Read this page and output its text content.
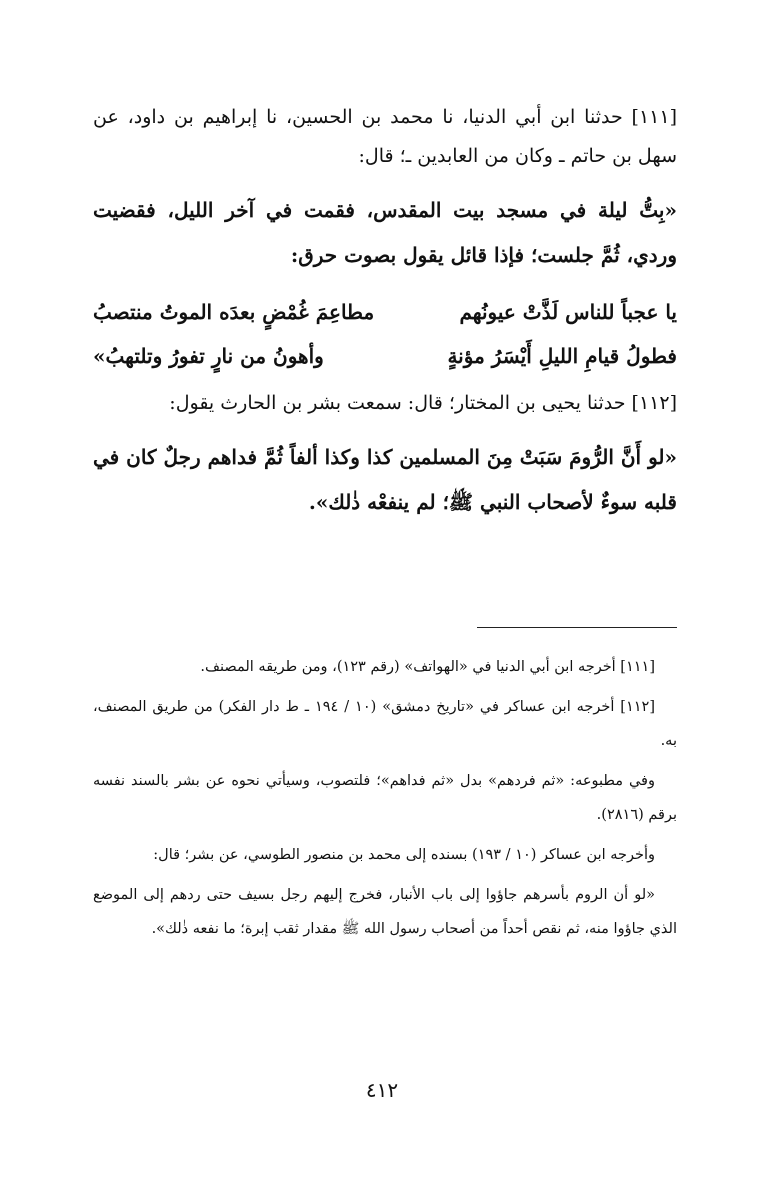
[١١١] حدثنا ابن أبي الدنيا، نا محمد بن الحسين، نا إبراهيم بن داود، عن سهل بن حاتم ـ وكان من العابدين ـ؛ قال:

«بِتُّ ليلة في مسجد بيت المقدس، فقمت في آخر الليل، فقضيت وردي، ثُمَّ جلست؛ فإذا قائل يقول بصوت حرق:

يا عجباً للناس لَذَّتْ عيونُهم
مطاعِمَ غُمْضٍ بعدَه الموتُ منتصبُ
فطولُ قيامِ الليلِ أَيْسَرُ مؤنةٍ
وأهونُ من نارٍ تفورُ وتلتهبُ»

[١١٢] حدثنا يحيى بن المختار؛ قال: سمعت بشر بن الحارث يقول:

«لو أَنَّ الرُّومَ سَبَتْ مِنَ المسلمين كذا وكذا ألفاً ثُمَّ فداهم رجلٌ كان في قلبه سوءٌ لأصحاب النبي ﷺ؛ لم ينفعْه ذٰلك».

[١١١] أخرجه ابن أبي الدنيا في «الهواتف» (رقم ١٢٣)، ومن طريقه المصنف.

[١١٢] أخرجه ابن عساكر في «تاريخ دمشق» (١٠ / ١٩٤ ـ ط دار الفكر) من طريق المصنف، به.

وفي مطبوعه: «ثم فردهم» بدل «ثم فداهم»؛ فلتصوب، وسيأتي نحوه عن بشر بالسند نفسه برقم (٢٨١٦).

وأخرجه ابن عساكر (١٠ / ١٩٣) بسنده إلى محمد بن منصور الطوسي، عن بشر؛ قال:

«لو أن الروم بأسرهم جاؤوا إلى باب الأنبار، فخرج إليهم رجل بسيف حتى ردهم إلى الموضع الذي جاؤوا منه، ثم نقص أحداً من أصحاب رسول الله ﷺ مقدار ثقب إبرة؛ ما نفعه ذٰلك».

٤١٢
